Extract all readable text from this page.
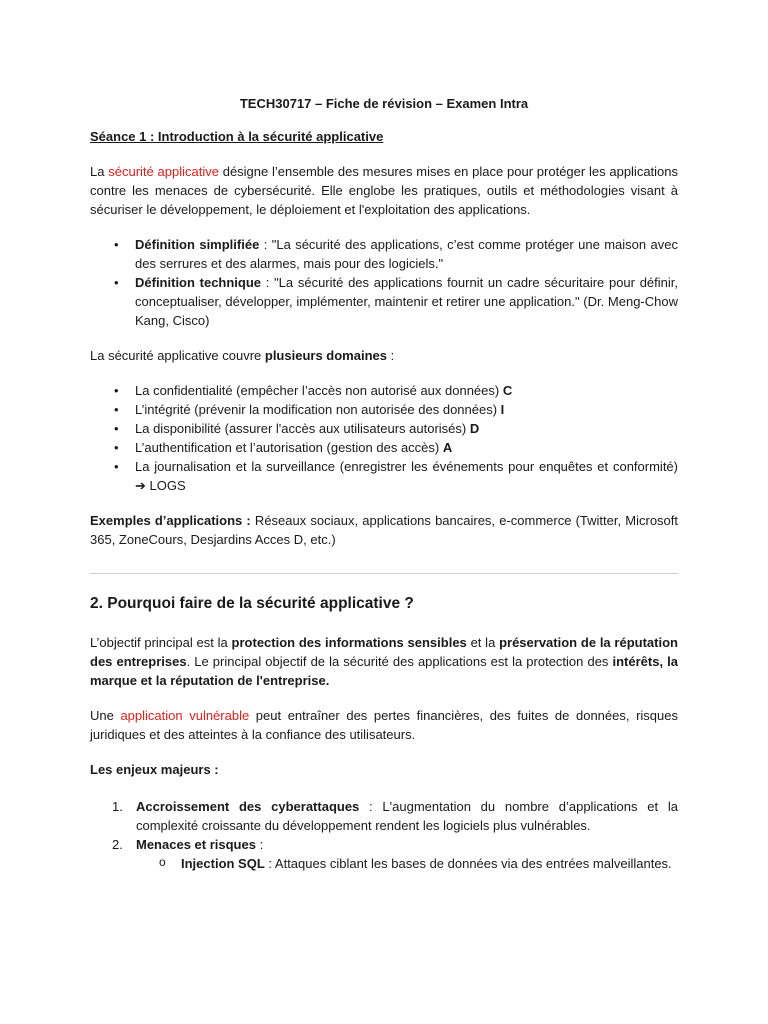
TECH30717 – Fiche de révision – Examen Intra
Séance 1 : Introduction à la sécurité applicative

La sécurité applicative désigne l’ensemble des mesures mises en place pour protéger les applications contre les menaces de cybersécurité. Elle englobe les pratiques, outils et méthodologies visant à sécuriser le développement, le déploiement et l'exploitation des applications.

• Définition simplifiée : "La sécurité des applications, c’est comme protéger une maison avec des serrures et des alarmes, mais pour des logiciels."
• Définition technique : "La sécurité des applications fournit un cadre sécuritaire pour définir, conceptualiser, développer, implémenter, maintenir et retirer une application." (Dr. Meng-Chow Kang, Cisco)

La sécurité applicative couvre plusieurs domaines :

• La confidentialité (empêcher l’accès non autorisé aux données) C
• L’intégrité (prévenir la modification non autorisée des données) I
• La disponibilité (assurer l'accès aux utilisateurs autorisés) D
• L’authentification et l’autorisation (gestion des accès) A
• La journalisation et la surveillance (enregistrer les événements pour enquêtes et conformité) ➔ LOGS

Exemples d’applications : Réseaux sociaux, applications bancaires, e-commerce (Twitter, Microsoft 365, ZoneCours, Desjardins Acces D, etc.)

2. Pourquoi faire de la sécurité applicative ?

L’objectif principal est la protection des informations sensibles et la préservation de la réputation des entreprises. Le principal objectif de la sécurité des applications est la protection des intérêts, la marque et la réputation de l'entreprise.

Une application vulnérable peut entraîner des pertes financières, des fuites de données, risques juridiques et des atteintes à la confiance des utilisateurs.

Les enjeux majeurs :

1. Accroissement des cyberattaques : L'augmentation du nombre d’applications et la complexité croissante du développement rendent les logiciels plus vulnérables.
2. Menaces et risques :
o Injection SQL : Attaques ciblant les bases de données via des entrées malveillantes.
